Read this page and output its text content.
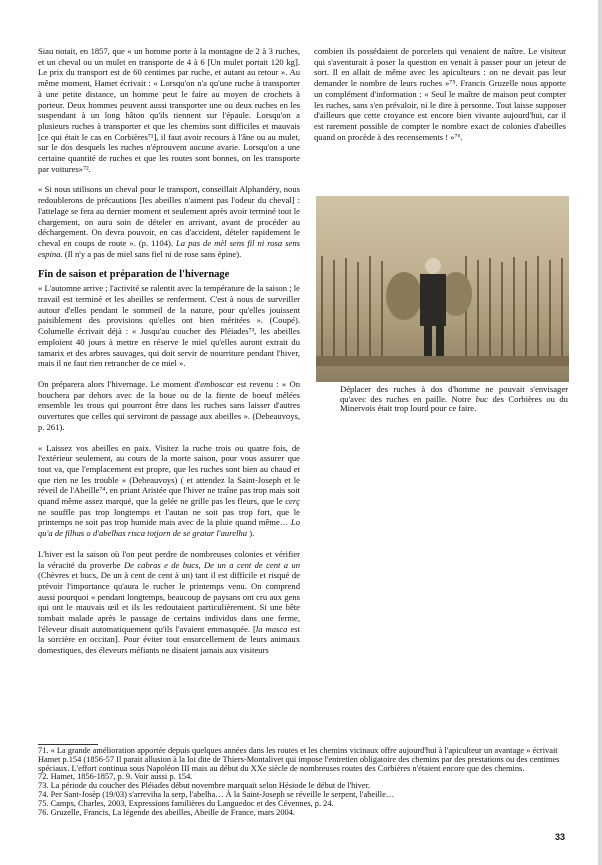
Siau notait, en 1857, que « un homme porte à la montagne de 2 à 3 ruches, et un cheval ou un mulet en transporte de 4 à 6 [Un mulet portait 120 kg]. Le prix du transport est de 60 centimes par ruche, et autant au retour ». Au même moment, Hamet écrivait : « Lorsqu'on n'a qu'une ruche à transporter à une petite distance, un homme peut le faire au moyen de crochets à porteur. Deux hommes peuvent aussi transporter une ou deux ruches en les suspendant à un long bâton qu'ils tiennent sur l'épaule. Lorsqu'on a plusieurs ruches à transporter et que les chemins sont difficiles et mauvais [ce qui était le cas en Corbières⁷¹], il faut avoir recours à l'âne ou au mulet, sur le dos desquels les ruches n'éprouvent aucune avarie. Lorsqu'on a une certaine quantité de ruches et que les routes sont bonnes, on les transporte par voitures»⁷².

« Si nous utilisons un cheval pour le transport, conseillait Alphandéry, nous redoublerons de précautions [les abeilles n'aiment pas l'odeur du cheval] : l'attelage se fera au dernier moment et seulement après avoir terminé tout le chargement, on aura soin de dételer en arrivant, avant de procéder au déchargement. On devra pouvoir, en cas d'accident, dételer rapidement le cheval en coups de route ». (p. 1104). La pas de mèl sens fil ni rosa sens espina. (Il n'y a pas de miel sans fiel ni de rose sans épine).

Fin de saison et préparation de l'hivernage

« L'automne arrive ; l'activité se ralentit avec la température de la saison ; le travail est terminé et les abeilles se renferment. C'est à nous de surveiller autour d'elles pendant le sommeil de la nature, pour qu'elles jouissent paisiblement des provisions qu'elles ont bien méritées ». (Coupé). Columelle écrivait déjà : « Jusqu'au coucher des Pléiades⁷³, les abeilles emploient 40 jours à mettre en réserve le miel qu'elles auront extrait du tamarix et des arbres sauvages, qui doit servir de nourriture pendant l'hiver, mais il ne faut rien retrancher de ce miel ».

On préparera alors l'hivernage. Le moment d'emboscar est revenu : « On bouchera par dehors avec de la boue ou de la fiente de boeuf mêlées ensemble les trous qui pourront être dans les ruches sans laisser d'autres ouvertures que celles qui serviront de passage aux abeilles ». (Debeauvoys, p. 261).

« Laissez vos abeilles en paix. Visitez la ruche trois ou quatre fois, de l'extérieur seulement, au cours de la morte saison, pour vous assurer que tout va, que l'emplacement est propre, que les ruches sont bien au chaud et que rien ne les trouble » (Debeauvoys) ( et attendez la Saint-Joseph et le réveil de l'Abeille⁷⁴, en priant Aristée que l'hiver ne traîne pas trop mais soit quand même assez marqué, que la gelée ne grille pas les fleurs, que le cerç ne souffle pas trop longtemps et l'autan ne soit pas trop fort, que le printemps ne soit pas trop humide mais avec de la pluie quand même… Lo qu'a de filhas o d'abelhas risca totjorn de se gratar l'aurelha ).

L'hiver est la saison où l'on peut perdre de nombreuses colonies et vérifier la véracité du proverbe De cabras e de bucs, De un a cent de cent a un (Chèvres et bucs, De un à cent de cent à un) tant il est difficile et risqué de prévoir l'importance qu'aura le rucher le printemps venu. On comprend aussi pourquoi « pendant longtemps, beaucoup de paysans ont cru aux gens qui ont le mauvais œil et ils les redoutaient particulièrement. Si une bête tombait malade après le passage de certains individus dans une ferme, l'éleveur disait automatiquement qu'ils l'avaient emmasquée. [la masca est la sorcière en occitan]. Pour éviter tout ensorcellement de leurs animaux domestiques, des éleveurs méfiants ne disaient jamais aux visiteurs

combien ils possédaient de porcelets qui venaient de naître. Le visiteur qui s'aventurait à poser la question en venait à passer pour un jeteur de sort. Il en allait de même avec les apiculteurs : on ne devait pas leur demander le nombre de leurs ruches »⁷⁵. Francis Gruzelle nous apporte un complément d'information : « Seul le maître de maison peut compter les ruches, sans s'en prévaloir, ni le dire à personne. Tout laisse supposer d'ailleurs que cette croyance est encore bien vivante aujourd'hui, car il est rarement possible de compter le nombre exact de colonies d'abeilles quand on procède à des recensements ! »⁷⁶.

Déplacer des ruches à dos d'homme ne pouvait s'envisager qu'avec des ruches en paille. Notre buc des Corbières ou du Minervois était trop lourd pour ce faire.
71. « La grande amélioration apportée depuis quelques années dans les routes et les chemins vicinaux offre aujourd'hui à l'apiculteur un avantage » écrivait Hamet p.154 (1856-57 Il parait allusion à la loi dite de Thiers-Montalivet qui impose l'entretien obligatoire des chemins par des prestations ou des centimes spéciaux. L'effort continua sous Napoléon III mais au début du XXe siècle de nombreuses routes des Corbières n'étaient encore que des chemins.
72. Hamet, 1856-1857, p. 9. Voir aussi p. 154.
73. La période du coucher des Pléiades début novembre marquait selon Hésiode le début de l'hiver.
74. Per Sant-Josèp (19/03) s'arreviha la serp, l'abelha… À la Saint-Joseph se réveille le serpent, l'abeille…
75. Camps, Charles, 2003, Expressions familières du Languedoc et des Cévennes, p. 24.
76. Gruzelle, Francis, La légende des abeilles, Abeille de France, mars 2004.
33
